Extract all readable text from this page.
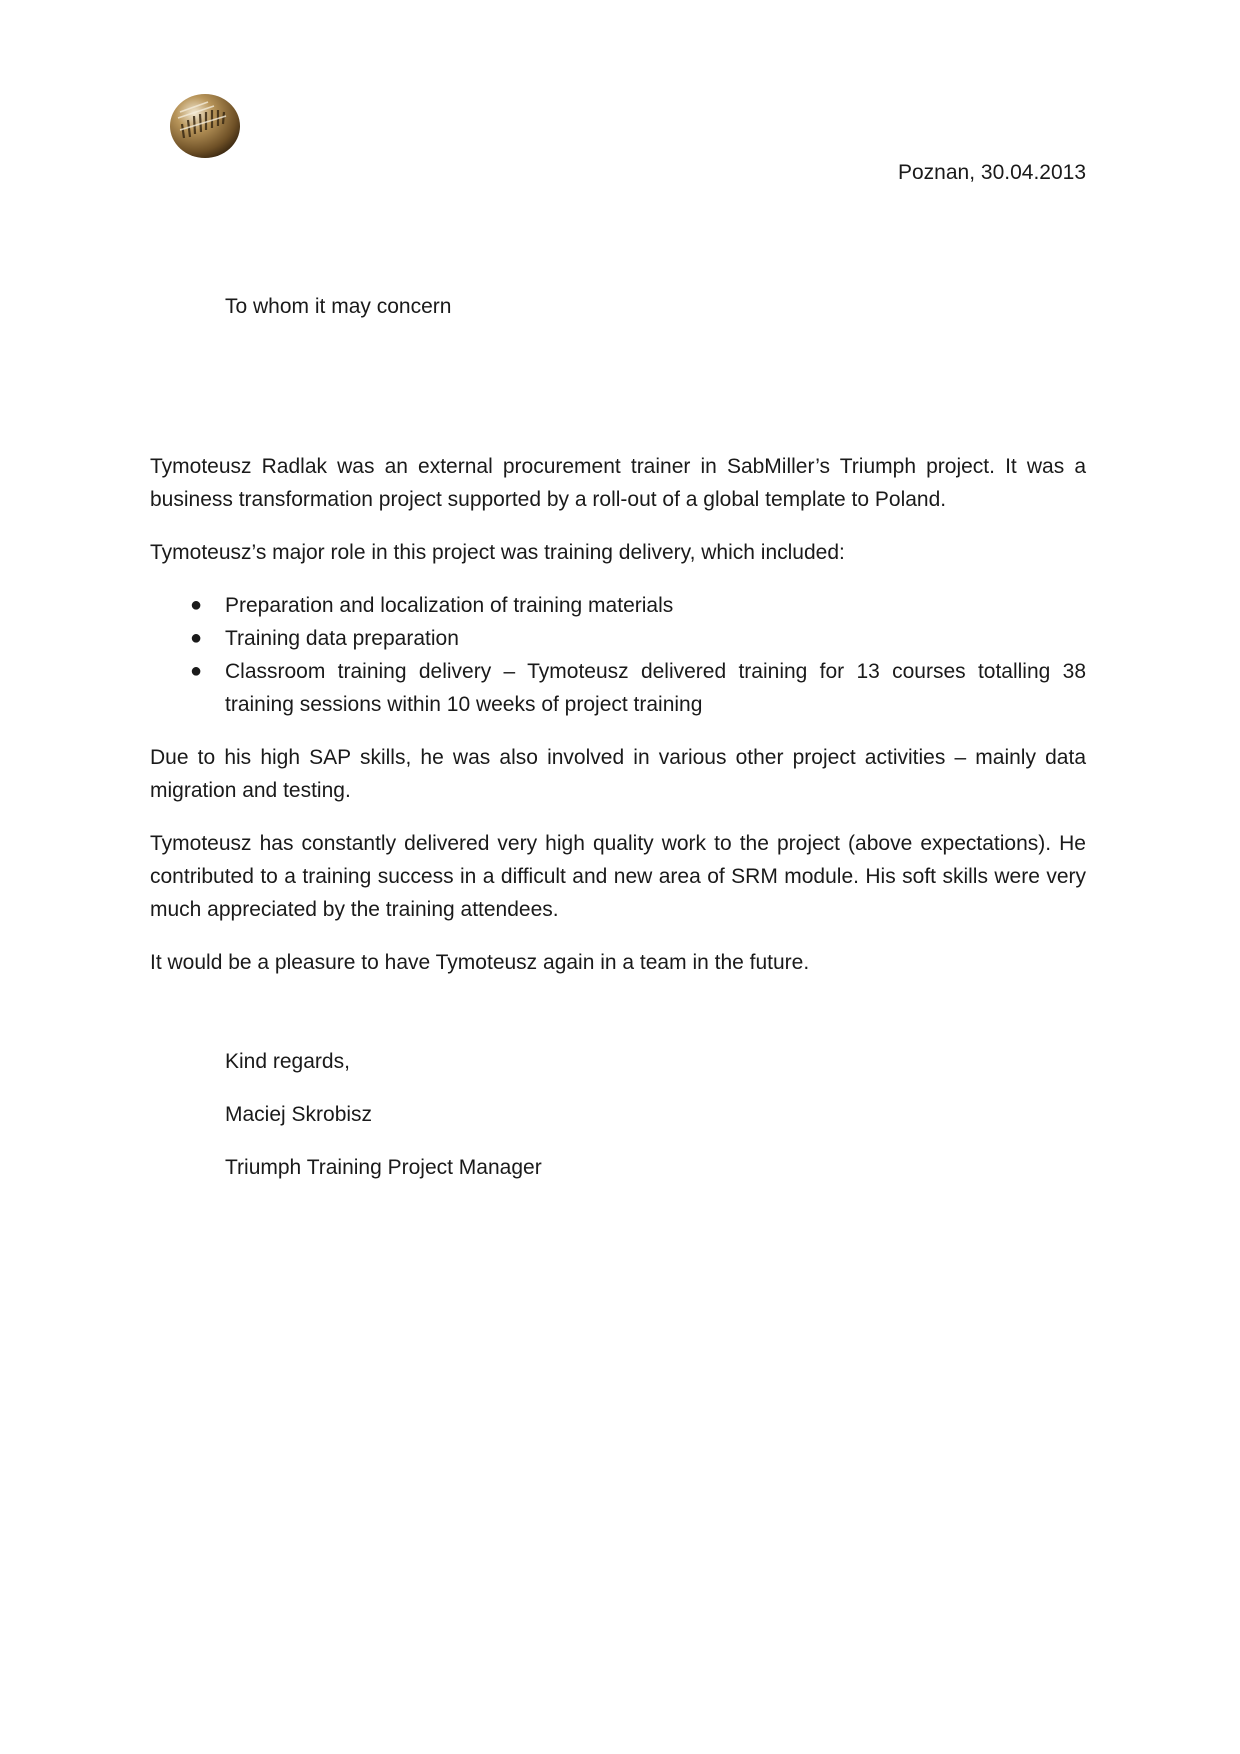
Poznan, 30.04.2013
To whom it may concern

Tymoteusz Radlak was an external procurement trainer in SabMiller’s Triumph project. It was a business transformation project supported by a roll-out of a global template to Poland.

Tymoteusz’s major role in this project was training delivery, which included:

● Preparation and localization of training materials
● Training data preparation
● Classroom training delivery – Tymoteusz delivered training for 13 courses totalling 38 training sessions within 10 weeks of project training

Due to his high SAP skills, he was also involved in various other project activities – mainly data migration and testing.

Tymoteusz has constantly delivered very high quality work to the project (above expectations). He contributed to a training success in a difficult and new area of SRM module. His soft skills were very much appreciated by the training attendees.

It would be a pleasure to have Tymoteusz again in a team in the future.

Kind regards,
Maciej Skrobisz
Triumph Training Project Manager
